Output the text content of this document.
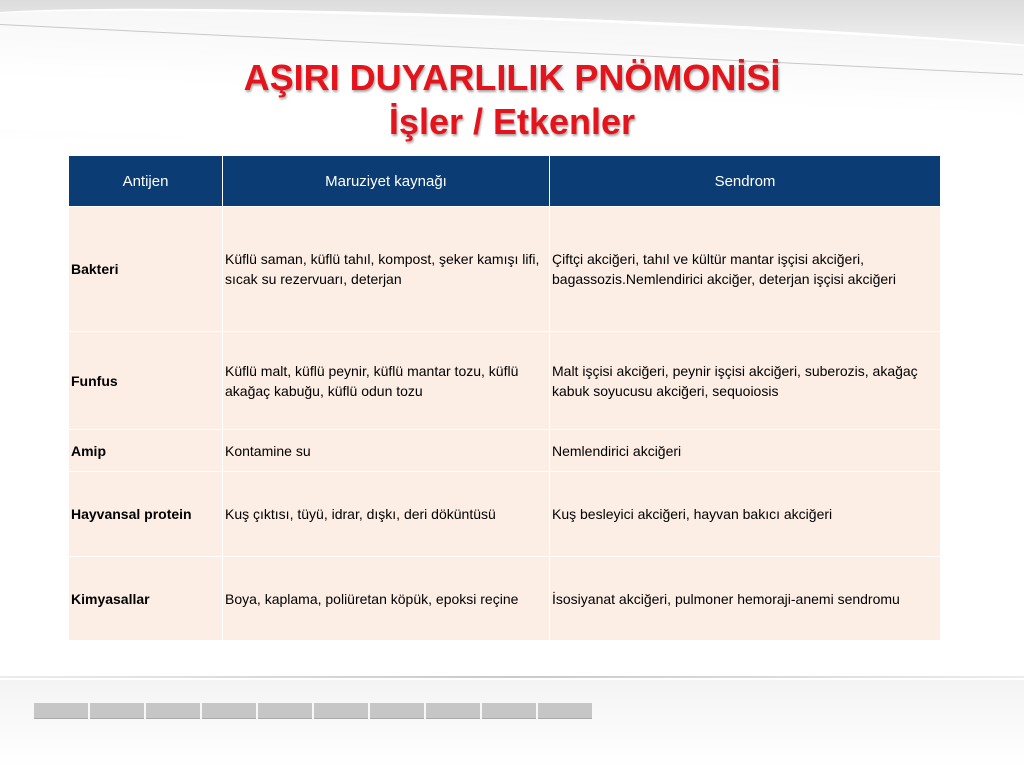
AŞIRI DUYARLILIK PNÖMONİSİ
İşler / Etkenler
Antijen	Maruziyet kaynağı	Sendrom
Bakteri	Küflü saman, küflü tahıl, kompost, şeker kamışı lifi, sıcak su rezervuarı, deterjan	Çiftçi akciğeri, tahıl ve kültür mantar işçisi akciğeri, bagassozis.Nemlendirici akciğer, deterjan işçisi akciğeri
Funfus	Küflü malt, küflü peynir, küflü mantar tozu, küflü akağaç kabuğu, küflü odun tozu	Malt işçisi akciğeri, peynir işçisi akciğeri, suberozis, akağaç kabuk soyucusu akciğeri, sequoiosis
Amip	Kontamine su	Nemlendirici akciğeri
Hayvansal protein	Kuş çıktısı, tüyü, idrar, dışkı, deri döküntüsü	Kuş besleyici akciğeri, hayvan bakıcı akciğeri
Kimyasallar	Boya, kaplama, poliüretan köpük, epoksi reçine	İsosiyanat akciğeri, pulmoner hemoraji-anemi sendromu
